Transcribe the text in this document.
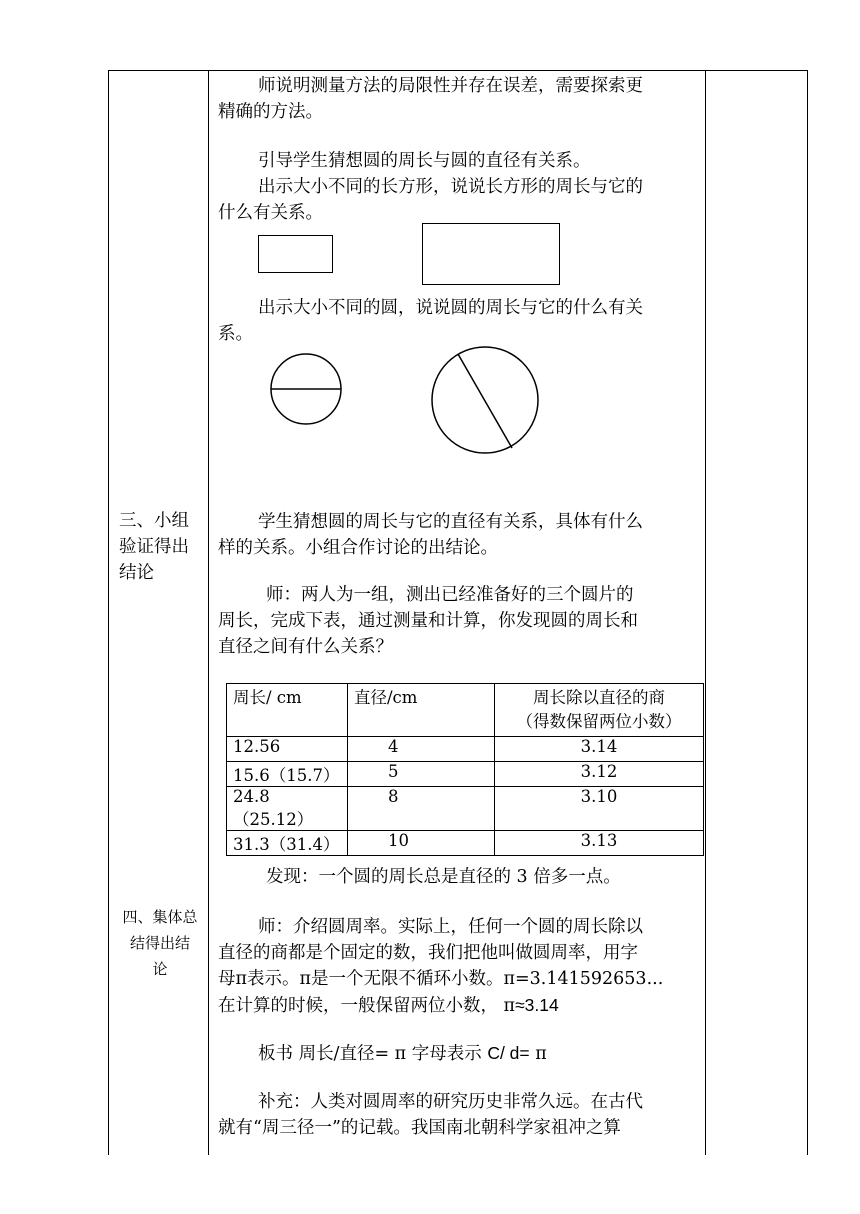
三、小组
验证得出
结论
四、集体总
结得出结
论

师说明测量方法的局限性并存在误差，需要探索更

精确的方法。

引导学生猜想圆的周长与圆的直径有关系。

出示大小不同的长方形，说说长方形的周长与它的

什么有关系。

出示大小不同的圆，说说圆的周长与它的什么有关

系。

学生猜想圆的周长与它的直径有关系，具体有什么

样的关系。小组合作讨论的出结论。

师：两人为一组，测出已经准备好的三个圆片的

周长，完成下表，通过测量和计算，你发现圆的周长和

直径之间有什么关系？

周长/ cm	直径/cm	周长除以直径的商
（得数保留两位小数）

12.56	4	3.14
15.6（15.7）	5	3.12
24.8（25.12）	8	3.10
31.3（31.4）	10	3.13

发现：一个圆的周长总是直径的 3 倍多一点。

师：介绍圆周率。实际上，任何一个圆的周长除以

直径的商都是个固定的数，我们把他叫做圆周率，用字

母π表示。π是一个无限不循环小数。π=3.141592653...

在计算的时候，一般保留两位小数， π≈3.14

板书 周长/直径= π 字母表示 C/ d= π

补充：人类对圆周率的研究历史非常久远。在古代

就有“周三径一”的记载。我国南北朝科学家祖冲之算
